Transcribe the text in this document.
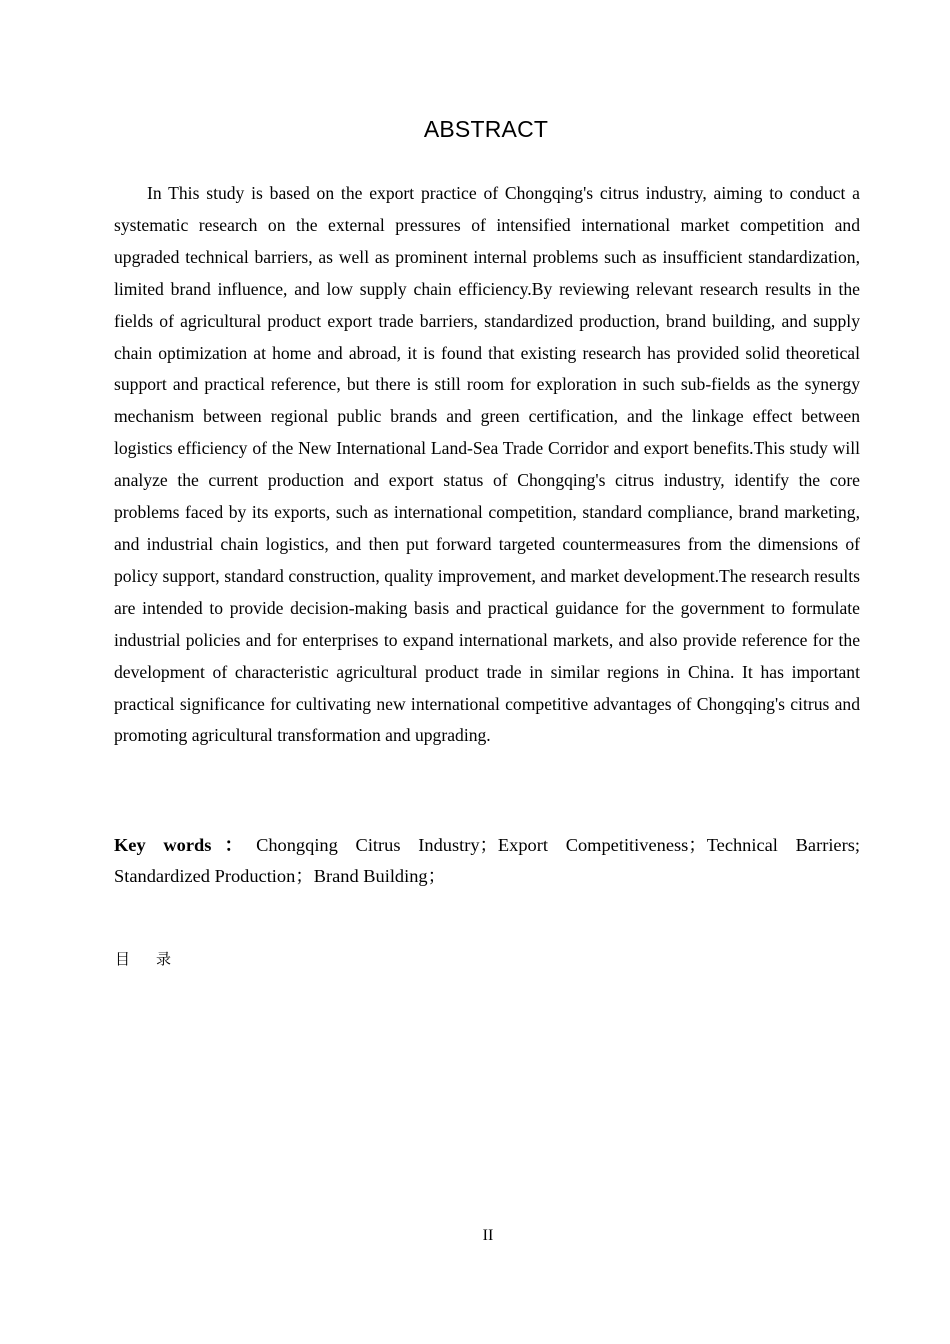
ABSTRACT

In This study is based on the export practice of Chongqing's citrus industry, aiming to conduct a systematic research on the external pressures of intensified international market competition and upgraded technical barriers, as well as prominent internal problems such as insufficient standardization, limited brand influence, and low supply chain efficiency.By reviewing relevant research results in the fields of agricultural product export trade barriers, standardized production, brand building, and supply chain optimization at home and abroad, it is found that existing research has provided solid theoretical support and practical reference, but there is still room for exploration in such sub-fields as the synergy mechanism between regional public brands and green certification, and the linkage effect between logistics efficiency of the New International Land-Sea Trade Corridor and export benefits.This study will analyze the current production and export status of Chongqing's citrus industry, identify the core problems faced by its exports, such as international competition, standard compliance, brand marketing, and industrial chain logistics, and then put forward targeted countermeasures from the dimensions of policy support, standard construction, quality improvement, and market development.The research results are intended to provide decision-making basis and practical guidance for the government to formulate industrial policies and for enterprises to expand international markets, and also provide reference for the development of characteristic agricultural product trade in similar regions in China. It has important practical significance for cultivating new international competitive advantages of Chongqing's citrus and promoting agricultural transformation and upgrading.

Key words：Chongqing Citrus Industry；Export Competitiveness；Technical Barriers; Standardized Production；Brand Building；

目录
II
